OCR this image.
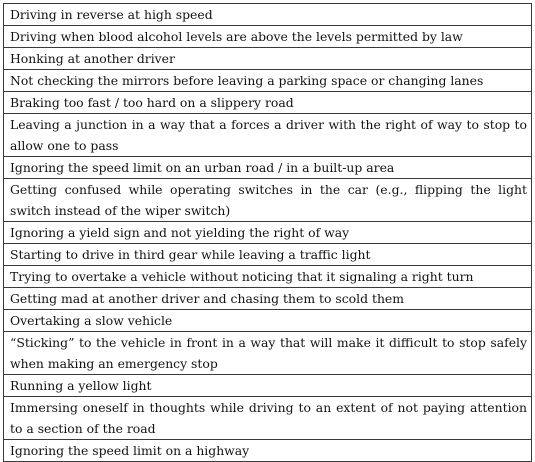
Driving in reverse at high speed
Driving when blood alcohol levels are above the levels permitted by law
Honking at another driver
Not checking the mirrors before leaving a parking space or changing lanes
Braking too fast / too hard on a slippery road
Leaving a junction in a way that a forces a driver with the right of way to stop to allow one to pass
Ignoring the speed limit on an urban road / in a built-up area
Getting confused while operating switches in the car (e.g., flipping the light switch instead of the wiper switch)
Ignoring a yield sign and not yielding the right of way
Starting to drive in third gear while leaving a traffic light
Trying to overtake a vehicle without noticing that it signaling a right turn
Getting mad at another driver and chasing them to scold them
Overtaking a slow vehicle
“Sticking” to the vehicle in front in a way that will make it difficult to stop safely when making an emergency stop
Running a yellow light
Immersing oneself in thoughts while driving to an extent of not paying attention to a section of the road
Ignoring the speed limit on a highway
